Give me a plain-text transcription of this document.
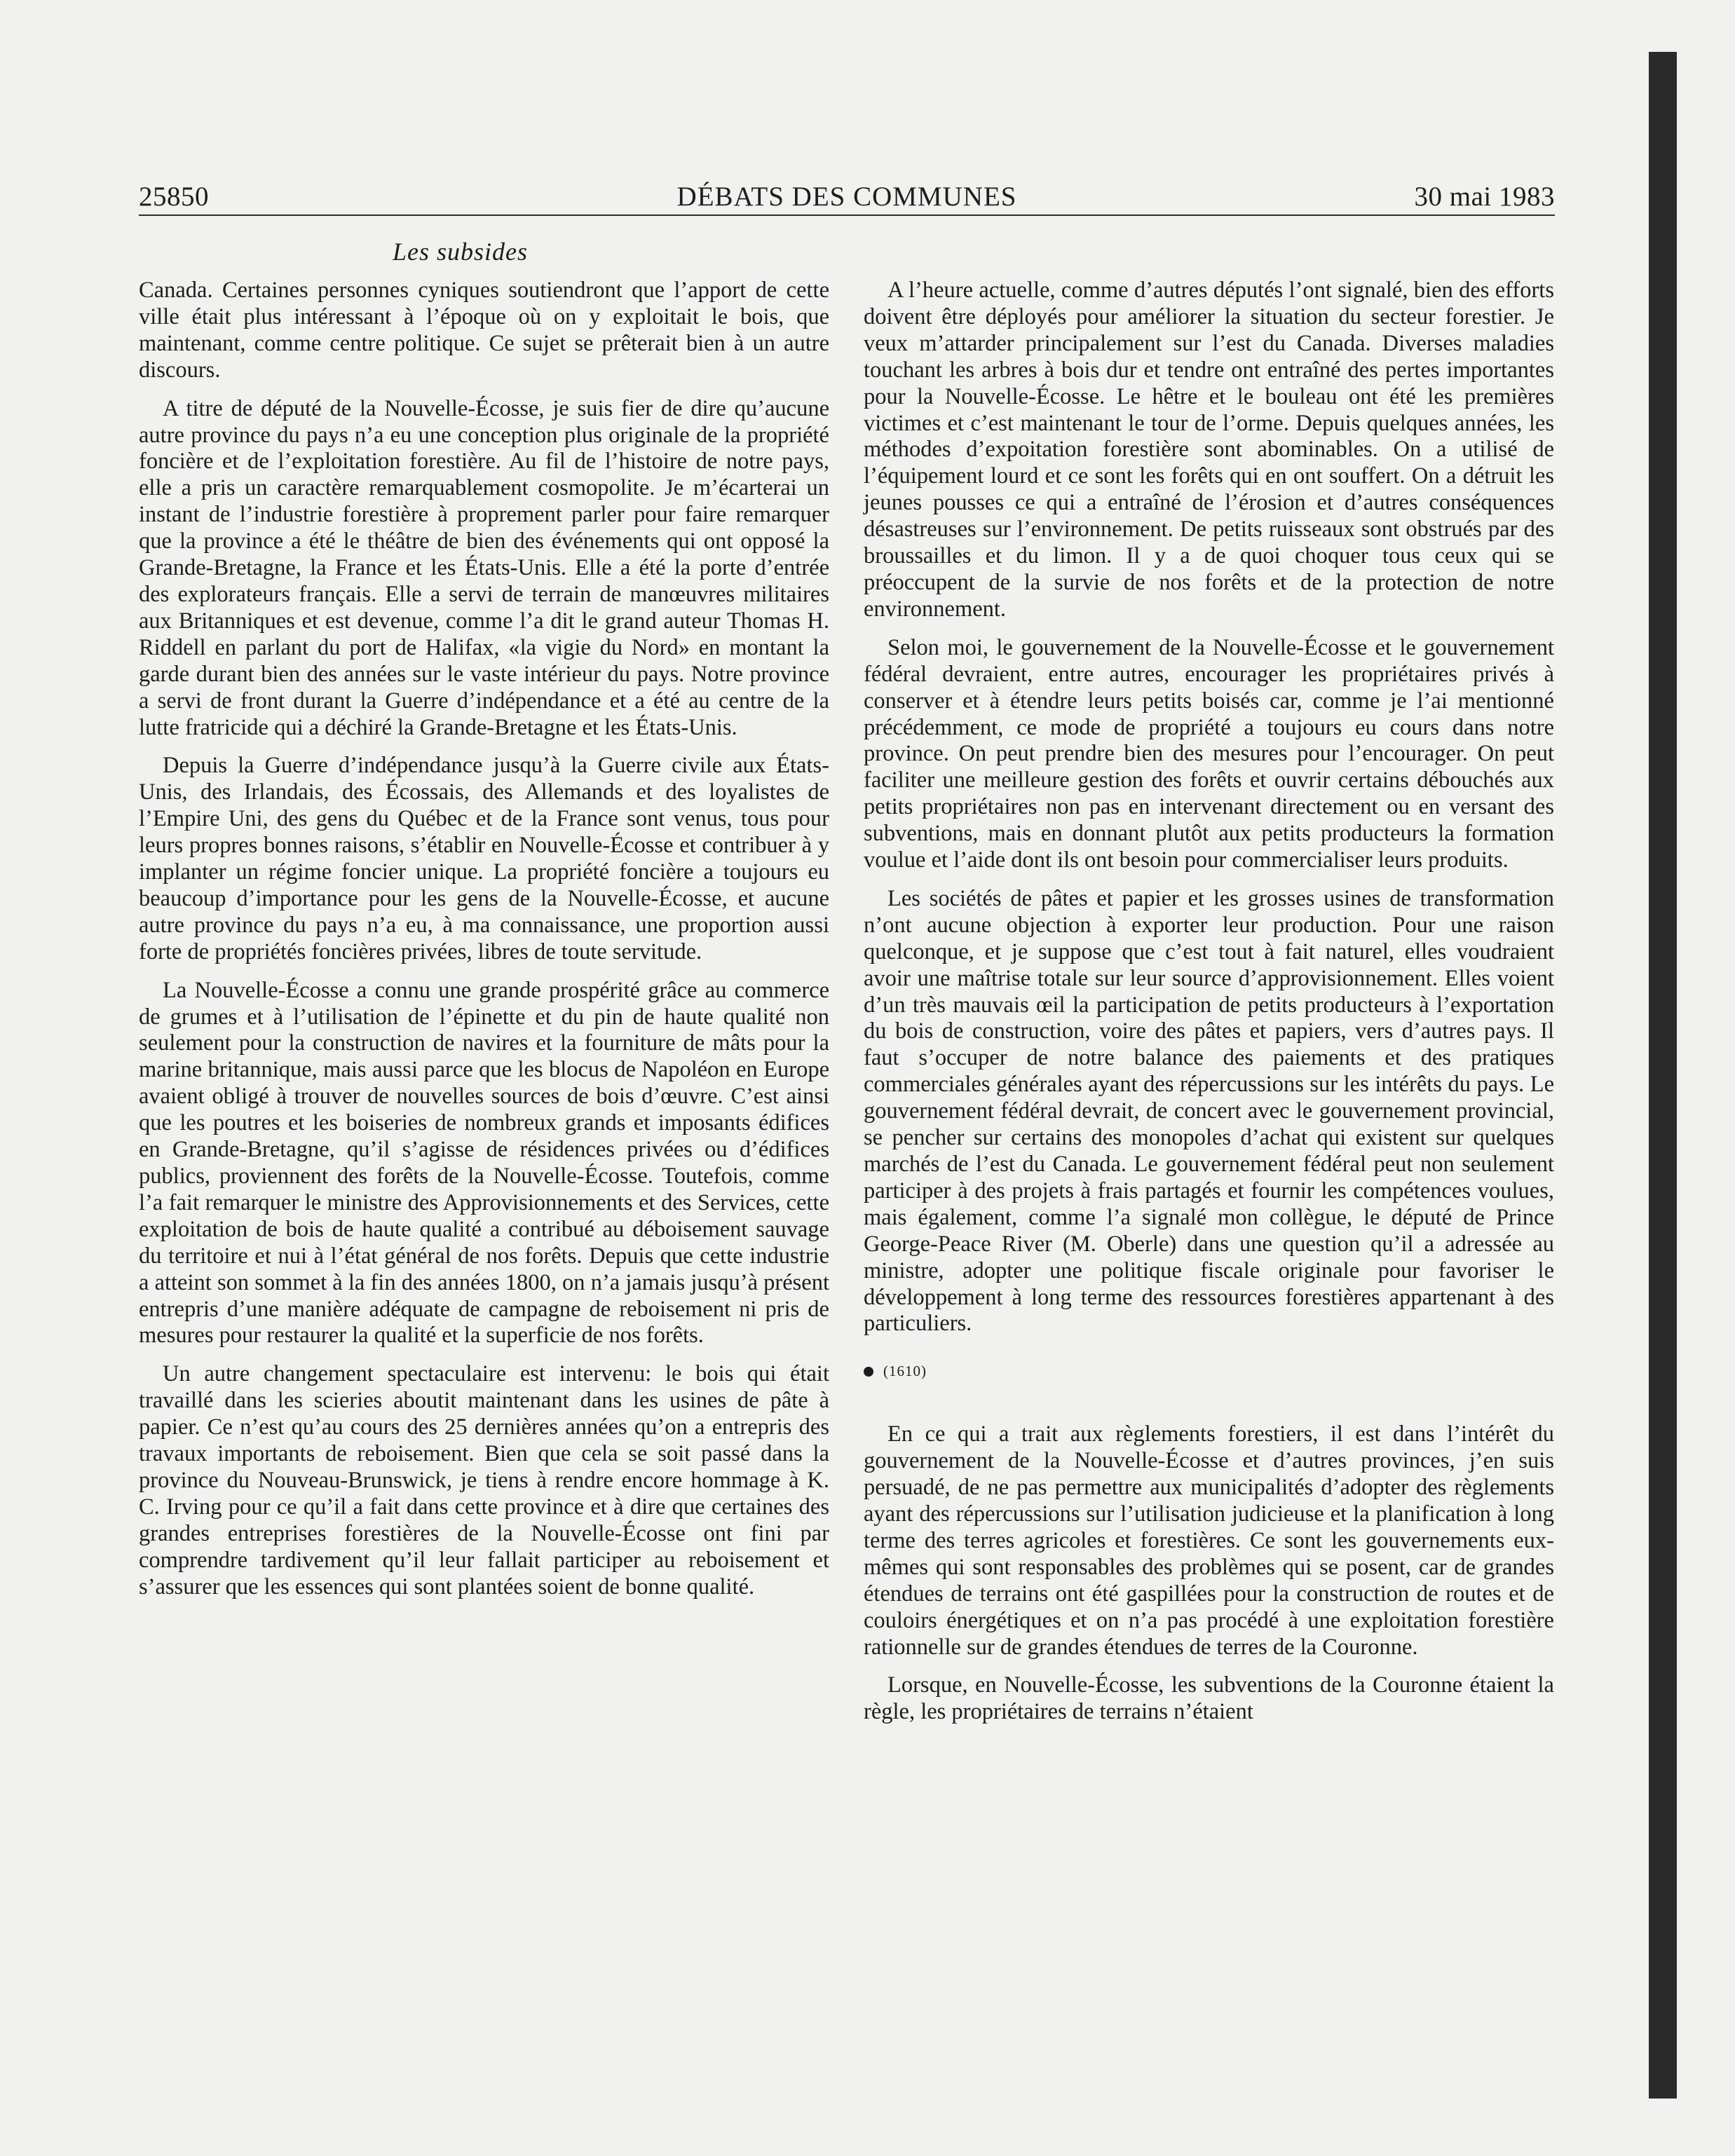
25850	DÉBATS DES COMMUNES	30 mai 1983
Les subsides

Canada. Certaines personnes cyniques soutiendront que l’apport de cette ville était plus intéressant à l’époque où on y exploitait le bois, que maintenant, comme centre politique. Ce sujet se prêterait bien à un autre discours.

A titre de député de la Nouvelle-Écosse, je suis fier de dire qu’aucune autre province du pays n’a eu une conception plus originale de la propriété foncière et de l’exploitation forestière. Au fil de l’histoire de notre pays, elle a pris un caractère remarquablement cosmopolite. Je m’écarterai un instant de l’industrie forestière à proprement parler pour faire remarquer que la province a été le théâtre de bien des événements qui ont opposé la Grande-Bretagne, la France et les États-Unis. Elle a été la porte d’entrée des explorateurs français. Elle a servi de terrain de manœuvres militaires aux Britanniques et est devenue, comme l’a dit le grand auteur Thomas H. Riddell en parlant du port de Halifax, «la vigie du Nord» en montant la garde durant bien des années sur le vaste intérieur du pays. Notre province a servi de front durant la Guerre d’indépendance et a été au centre de la lutte fratricide qui a déchiré la Grande-Bretagne et les États-Unis.

Depuis la Guerre d’indépendance jusqu’à la Guerre civile aux États-Unis, des Irlandais, des Écossais, des Allemands et des loyalistes de l’Empire Uni, des gens du Québec et de la France sont venus, tous pour leurs propres bonnes raisons, s’établir en Nouvelle-Écosse et contribuer à y implanter un régime foncier unique. La propriété foncière a toujours eu beaucoup d’importance pour les gens de la Nouvelle-Écosse, et aucune autre province du pays n’a eu, à ma connaissance, une proportion aussi forte de propriétés foncières privées, libres de toute servitude.

La Nouvelle-Écosse a connu une grande prospérité grâce au commerce de grumes et à l’utilisation de l’épinette et du pin de haute qualité non seulement pour la construction de navires et la fourniture de mâts pour la marine britannique, mais aussi parce que les blocus de Napoléon en Europe avaient obligé à trouver de nouvelles sources de bois d’œuvre. C’est ainsi que les poutres et les boiseries de nombreux grands et imposants édifices en Grande-Bretagne, qu’il s’agisse de résidences privées ou d’édifices publics, proviennent des forêts de la Nouvelle-Écosse. Toutefois, comme l’a fait remarquer le ministre des Approvisionnements et des Services, cette exploitation de bois de haute qualité a contribué au déboisement sauvage du territoire et nui à l’état général de nos forêts. Depuis que cette industrie a atteint son sommet à la fin des années 1800, on n’a jamais jusqu’à présent entrepris d’une manière adéquate de campagne de reboisement ni pris de mesures pour restaurer la qualité et la superficie de nos forêts.

Un autre changement spectaculaire est intervenu: le bois qui était travaillé dans les scieries aboutit maintenant dans les usines de pâte à papier. Ce n’est qu’au cours des 25 dernières années qu’on a entrepris des travaux importants de reboisement. Bien que cela se soit passé dans la province du Nouveau-Brunswick, je tiens à rendre encore hommage à K. C. Irving pour ce qu’il a fait dans cette province et à dire que certaines des grandes entreprises forestières de la Nouvelle-Écosse ont fini par comprendre tardivement qu’il leur fallait participer au reboisement et s’assurer que les essences qui sont plantées soient de bonne qualité.

A l’heure actuelle, comme d’autres députés l’ont signalé, bien des efforts doivent être déployés pour améliorer la situation du secteur forestier. Je veux m’attarder principalement sur l’est du Canada. Diverses maladies touchant les arbres à bois dur et tendre ont entraîné des pertes importantes pour la Nouvelle-Écosse. Le hêtre et le bouleau ont été les premières victimes et c’est maintenant le tour de l’orme. Depuis quelques années, les méthodes d’expoitation forestière sont abominables. On a utilisé de l’équipement lourd et ce sont les forêts qui en ont souffert. On a détruit les jeunes pousses ce qui a entraîné de l’érosion et d’autres conséquences désastreuses sur l’environnement. De petits ruisseaux sont obstrués par des broussailles et du limon. Il y a de quoi choquer tous ceux qui se préoccupent de la survie de nos forêts et de la protection de notre environnement.

Selon moi, le gouvernement de la Nouvelle-Écosse et le gouvernement fédéral devraient, entre autres, encourager les propriétaires privés à conserver et à étendre leurs petits boisés car, comme je l’ai mentionné précédemment, ce mode de propriété a toujours eu cours dans notre province. On peut prendre bien des mesures pour l’encourager. On peut faciliter une meilleure gestion des forêts et ouvrir certains débouchés aux petits propriétaires non pas en intervenant directement ou en versant des subventions, mais en donnant plutôt aux petits producteurs la formation voulue et l’aide dont ils ont besoin pour commercialiser leurs produits.

Les sociétés de pâtes et papier et les grosses usines de transformation n’ont aucune objection à exporter leur production. Pour une raison quelconque, et je suppose que c’est tout à fait naturel, elles voudraient avoir une maîtrise totale sur leur source d’approvisionnement. Elles voient d’un très mauvais œil la participation de petits producteurs à l’exportation du bois de construction, voire des pâtes et papiers, vers d’autres pays. Il faut s’occuper de notre balance des paiements et des pratiques commerciales générales ayant des répercussions sur les intérêts du pays. Le gouvernement fédéral devrait, de concert avec le gouvernement provincial, se pencher sur certains des monopoles d’achat qui existent sur quelques marchés de l’est du Canada. Le gouvernement fédéral peut non seulement participer à des projets à frais partagés et fournir les compétences voulues, mais également, comme l’a signalé mon collègue, le député de Prince George-Peace River (M. Oberle) dans une question qu’il a adressée au ministre, adopter une politique fiscale originale pour favoriser le développement à long terme des ressources forestières appartenant à des particuliers.

(1610)

En ce qui a trait aux règlements forestiers, il est dans l’intérêt du gouvernement de la Nouvelle-Écosse et d’autres provinces, j’en suis persuadé, de ne pas permettre aux municipalités d’adopter des règlements ayant des répercussions sur l’utilisation judicieuse et la planification à long terme des terres agricoles et forestières. Ce sont les gouvernements eux-mêmes qui sont responsables des problèmes qui se posent, car de grandes étendues de terrains ont été gaspillées pour la construction de routes et de couloirs énergétiques et on n’a pas procédé à une exploitation forestière rationnelle sur de grandes étendues de terres de la Couronne.

Lorsque, en Nouvelle-Écosse, les subventions de la Couronne étaient la règle, les propriétaires de terrains n’étaient
